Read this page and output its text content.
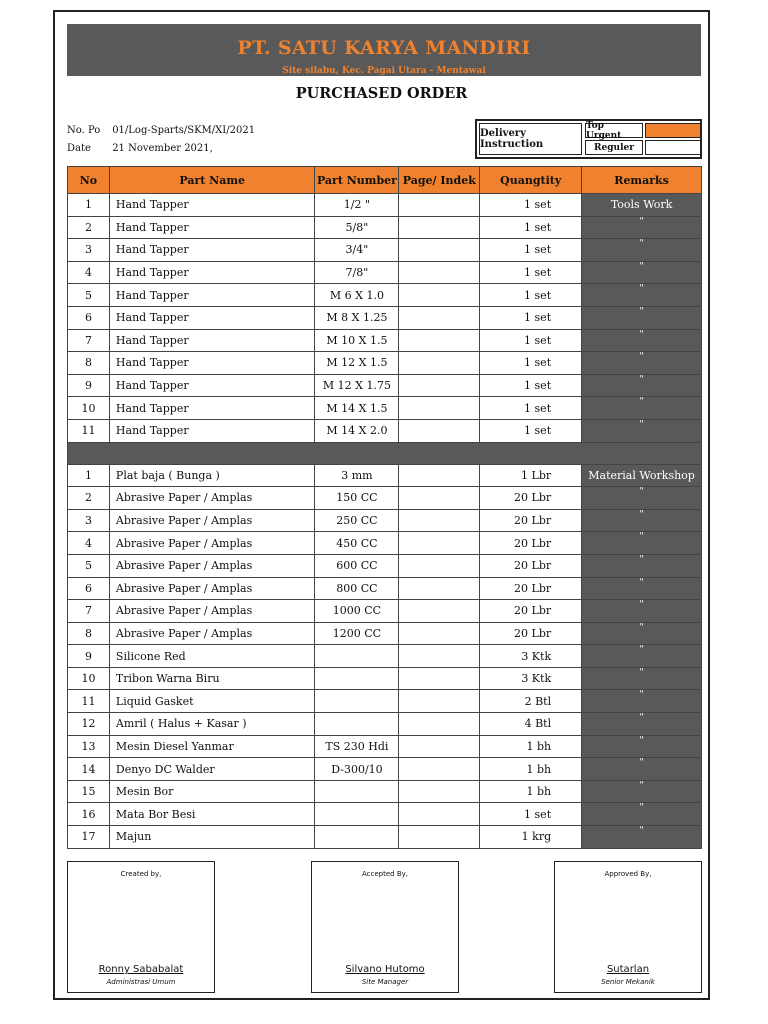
PT. SATU KARYA MANDIRI
Site silabu, Kec. Pagai Utara - Mentawai
PURCHASED ORDER
No. Po 01/Log-Sparts/SKM/XI/2021
Date 21 November 2021,
Delivery Instruction
Top Urgent
Reguler
No	Part Name	Part Number	Page/ Indek	Quangtity	Remarks
1	Hand Tapper	1/2 "		1 set	Tools Work
2	Hand Tapper	5/8"		1 set	"
3	Hand Tapper	3/4"		1 set	"
4	Hand Tapper	7/8"		1 set	"
5	Hand Tapper	M 6 X 1.0		1 set	"
6	Hand Tapper	M 8 X 1.25		1 set	"
7	Hand Tapper	M 10 X 1.5		1 set	"
8	Hand Tapper	M 12 X 1.5		1 set	"
9	Hand Tapper	M 12 X 1.75		1 set	"
10	Hand Tapper	M 14 X 1.5		1 set	"
11	Hand Tapper	M 14 X 2.0		1 set	"

1	Plat baja ( Bunga )	3 mm		1 Lbr	Material Workshop
2	Abrasive Paper / Amplas	150 CC		20 Lbr	"
3	Abrasive Paper / Amplas	250 CC		20 Lbr	"
4	Abrasive Paper / Amplas	450 CC		20 Lbr	"
5	Abrasive Paper / Amplas	600 CC		20 Lbr	"
6	Abrasive Paper / Amplas	800 CC		20 Lbr	"
7	Abrasive Paper / Amplas	1000 CC		20 Lbr	"
8	Abrasive Paper / Amplas	1200 CC		20 Lbr	"
9	Silicone Red			3 Ktk	"
10	Tribon Warna Biru			3 Ktk	"
11	Liquid Gasket			2 Btl	"
12	Amril ( Halus + Kasar )			4 Btl	"
13	Mesin Diesel Yanmar	TS 230 Hdi		1 bh	"
14	Denyo DC Walder	D-300/10		1 bh	"
15	Mesin Bor			1 bh	"
16	Mata Bor Besi			1 set	"
17	Majun			1 krg	"
Created by,
Ronny Sababalat
Administrasi Umum
Accepted By,
Silvano Hutomo
Site Manager
Approved By,
Sutarlan
Senior Mekanik
